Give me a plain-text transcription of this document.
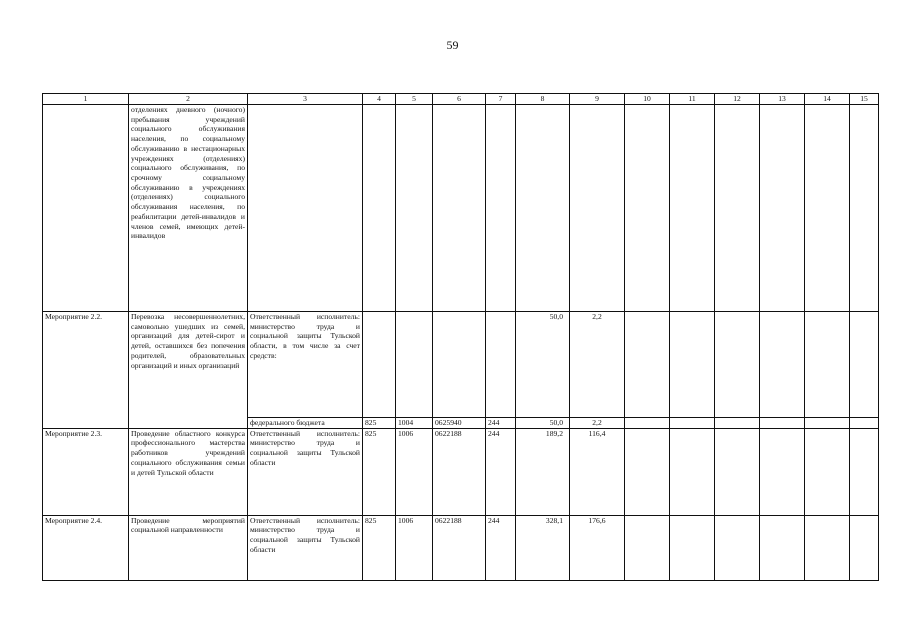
59
1	2	3	4	5	6	7	8	9	10	11	12	13	14	15
	отделениях дневного (ночного) пребывания учреждений социального обслуживания населения, по социальному обслуживанию в нестационарных учреждениях (отделениях) социального обслуживания, по срочному социальному обслуживанию в учреждениях (отделениях) социального обслуживания населения, по реабилитации детей-инвалидов и членов семей, имеющих детей-инвалидов													
Мероприятие 2.2.	Перевозка несовершеннолетних, самовольно ушедших из семей, организаций для детей-сирот и детей, оставшихся без попечения родителей, образовательных организаций и иных организаций	Ответственный исполнитель: министерство труда и социальной защиты Тульской области, в том числе за счет средств:					50,0	2,2						
		федерального бюджета	825	1004	0625940	244	50,0	2,2						
Мероприятие 2.3.	Проведение областного конкурса профессионального мастерства работников учреждений социального обслуживания семьи и детей Тульской области	Ответственный исполнитель: министерство труда и социальной защиты Тульской области	825	1006	0622188	244	189,2	116,4						
Мероприятие 2.4.	Проведение мероприятий социальной направленности	Ответственный исполнитель: министерство труда и социальной защиты Тульской области	825	1006	0622188	244	328,1	176,6						
